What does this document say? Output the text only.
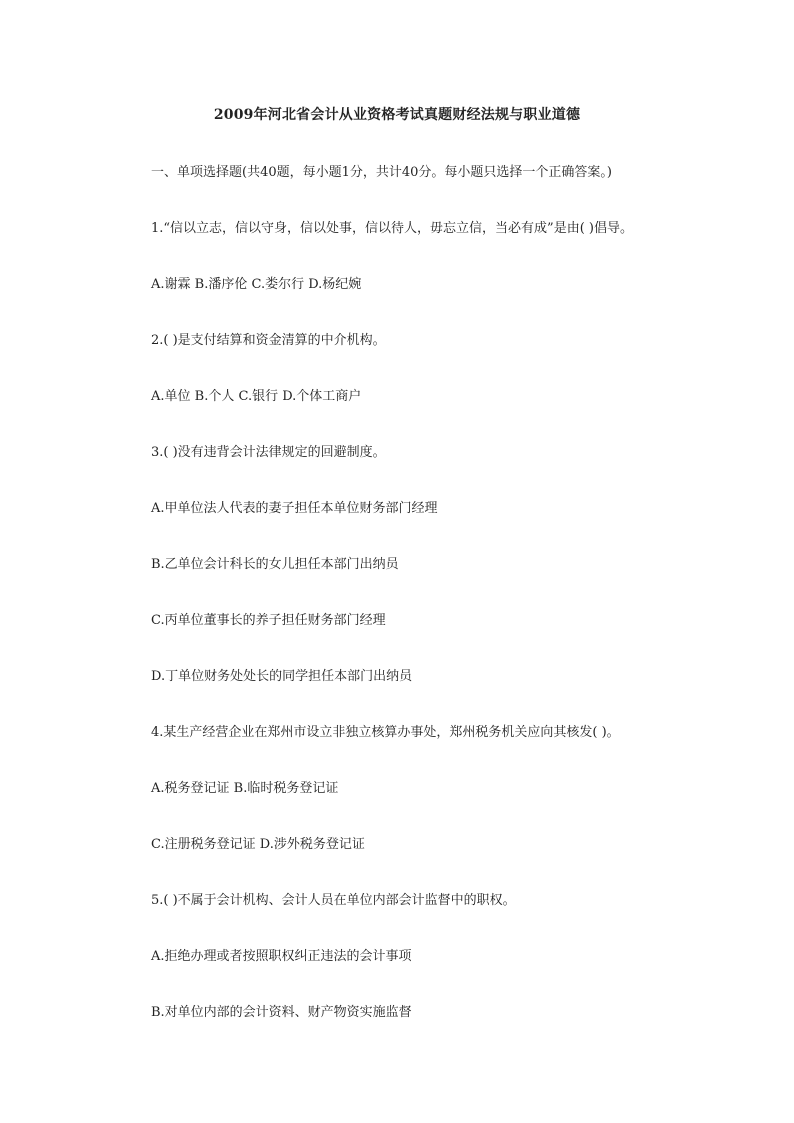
2009年河北省会计从业资格考试真题财经法规与职业道德
一、单项选择题(共40题，每小题1分，共计40分。每小题只选择一个正确答案。)
1.“信以立志，信以守身，信以处事，信以待人，毋忘立信，当必有成”是由( )倡导。
A.谢霖 B.潘序伦 C.娄尔行 D.杨纪婉
2.( )是支付结算和资金清算的中介机构。
A.单位 B.个人 C.银行 D.个体工商户
3.( )没有违背会计法律规定的回避制度。
A.甲单位法人代表的妻子担任本单位财务部门经理
B.乙单位会计科长的女儿担任本部门出纳员
C.丙单位董事长的养子担任财务部门经理
D.丁单位财务处处长的同学担任本部门出纳员
4.某生产经营企业在郑州市设立非独立核算办事处，郑州税务机关应向其核发( )。
A.税务登记证 B.临时税务登记证
C.注册税务登记证 D.涉外税务登记证
5.( )不属于会计机构、会计人员在单位内部会计监督中的职权。
A.拒绝办理或者按照职权纠正违法的会计事项
B.对单位内部的会计资料、财产物资实施监督
